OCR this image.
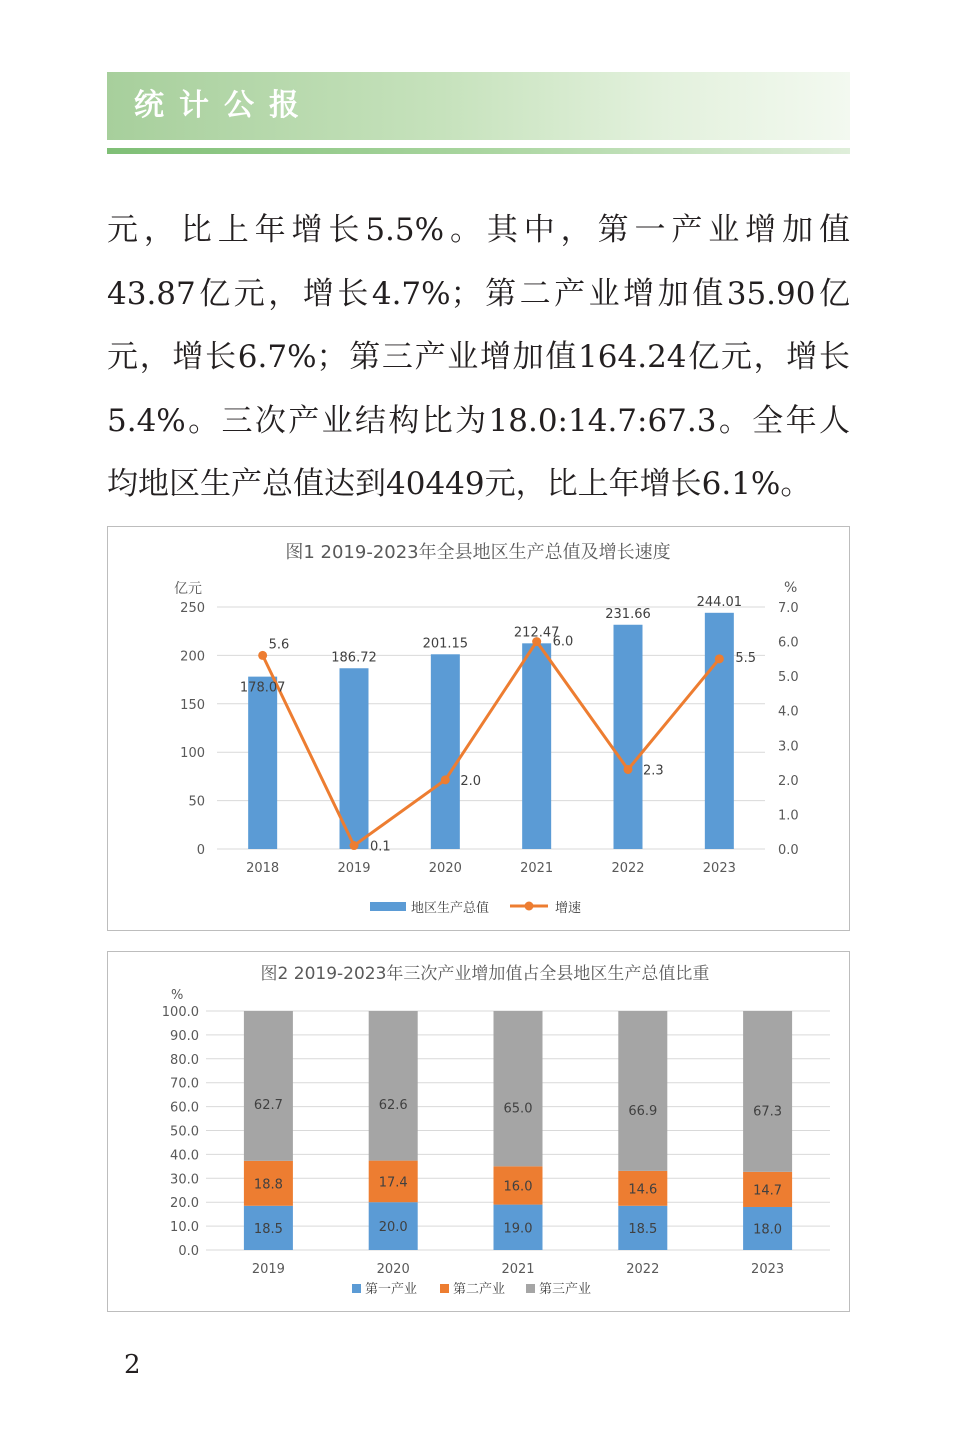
统计公报
元，比上年增长5.5%。其中，第一产业增加值
43.87亿元，增长4.7%；第二产业增加值35.90亿
元，增长6.7%；第三产业增加值164.24亿元，增长
5.4%。三次产业结构比为18.0:14.7:67.3。全年人
均地区生产总值达到40449元，比上年增长6.1%。
图1 2019-2023年全县地区生产总值及增长速度
0
50
100
150
200
250
0.0
1.0
2.0
3.0
4.0
5.0
6.0
7.0
亿元	%
2018	2019	2020	2021	2022	2023
178.07
186.72
201.15
212.47
231.66
244.01
5.6
0.1
2.0
6.0
2.3
5.5
地区生产总值	增速
图2 2019-2023年三次产业增加值占全县地区生产总值比重
%
0.0
10.0
20.0
30.0
40.0
50.0
60.0
70.0
80.0
90.0
100.0
18.5
18.8
62.7
2019
20.0
17.4
62.6
2020
19.0
16.0
65.0
2021
18.5
14.6
66.9
2022
18.0
14.7
67.3
2023
第一产业	第二产业	第三产业
2
